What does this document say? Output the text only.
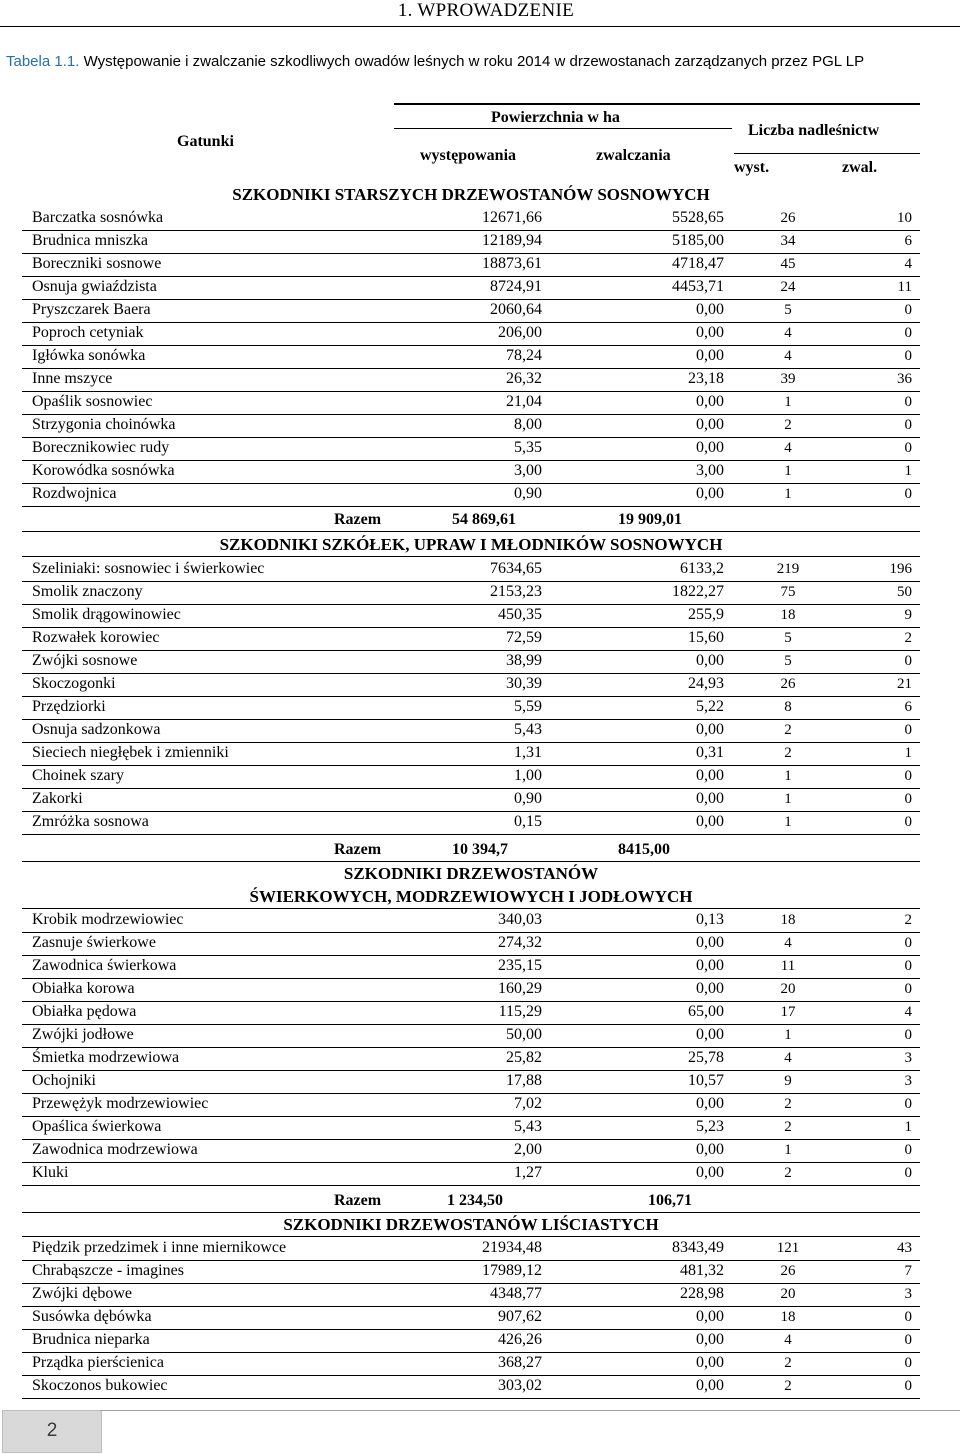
1. WPROWADZENIE
Tabela 1.1. Występowanie i zwalczanie szkodliwych owadów leśnych w roku 2014 w drzewostanach zarządzanych przez PGL LP
Gatunki
Powierzchnia w ha
występowania	zwalczania
Liczba nadleśnictw
wyst.	zwal.
SZKODNIKI STARSZYCH DRZEWOSTANÓW SOSNOWYCH
Barczatka sosnówka	12671,66	5528,65	26	10
Brudnica mniszka	12189,94	5185,00	34	6
Boreczniki sosnowe	18873,61	4718,47	45	4
Osnuja gwiaździsta	8724,91	4453,71	24	11
Pryszczarek Baera	2060,64	0,00	5	0
Poproch cetyniak	206,00	0,00	4	0
Igłówka sonówka	78,24	0,00	4	0
Inne mszyce	26,32	23,18	39	36
Opaślik sosnowiec	21,04	0,00	1	0
Strzygonia choinówka	8,00	0,00	2	0
Borecznikowiec rudy	5,35	0,00	4	0
Korowódka sosnówka	3,00	3,00	1	1
Rozdwojnica	0,90	0,00	1	0
Razem	54 869,61	19 909,01
SZKODNIKI SZKÓŁEK, UPRAW I MŁODNIKÓW SOSNOWYCH
Szeliniaki: sosnowiec i świerkowiec	7634,65	6133,2	219	196
Smolik znaczony	2153,23	1822,27	75	50
Smolik drągowinowiec	450,35	255,9	18	9
Rozwałek korowiec	72,59	15,60	5	2
Zwójki sosnowe	38,99	0,00	5	0
Skoczogonki	30,39	24,93	26	21
Przędziorki	5,59	5,22	8	6
Osnuja sadzonkowa	5,43	0,00	2	0
Sieciech niegłębek i zmienniki	1,31	0,31	2	1
Choinek szary	1,00	0,00	1	0
Zakorki	0,90	0,00	1	0
Zmróżka sosnowa	0,15	0,00	1	0
Razem	10 394,7	8415,00
SZKODNIKI DRZEWOSTANÓW
ŚWIERKOWYCH, MODRZEWIOWYCH I JODŁOWYCH
Krobik modrzewiowiec	340,03	0,13	18	2
Zasnuje świerkowe	274,32	0,00	4	0
Zawodnica świerkowa	235,15	0,00	11	0
Obiałka korowa	160,29	0,00	20	0
Obiałka pędowa	115,29	65,00	17	4
Zwójki jodłowe	50,00	0,00	1	0
Śmietka modrzewiowa	25,82	25,78	4	3
Ochojniki	17,88	10,57	9	3
Przewężyk modrzewiowiec	7,02	0,00	2	0
Opaślica świerkowa	5,43	5,23	2	1
Zawodnica modrzewiowa	2,00	0,00	1	0
Kluki	1,27	0,00	2	0
Razem	1 234,50	106,71
SZKODNIKI DRZEWOSTANÓW LIŚCIASTYCH
Piędzik przedzimek i inne miernikowce	21934,48	8343,49	121	43
Chrabąszcze - imagines	17989,12	481,32	26	7
Zwójki dębowe	4348,77	228,98	20	3
Susówka dębówka	907,62	0,00	18	0
Brudnica nieparka	426,26	0,00	4	0
Prządka pierścienica	368,27	0,00	2	0
Skoczonos bukowiec	303,02	0,00	2	0
2
